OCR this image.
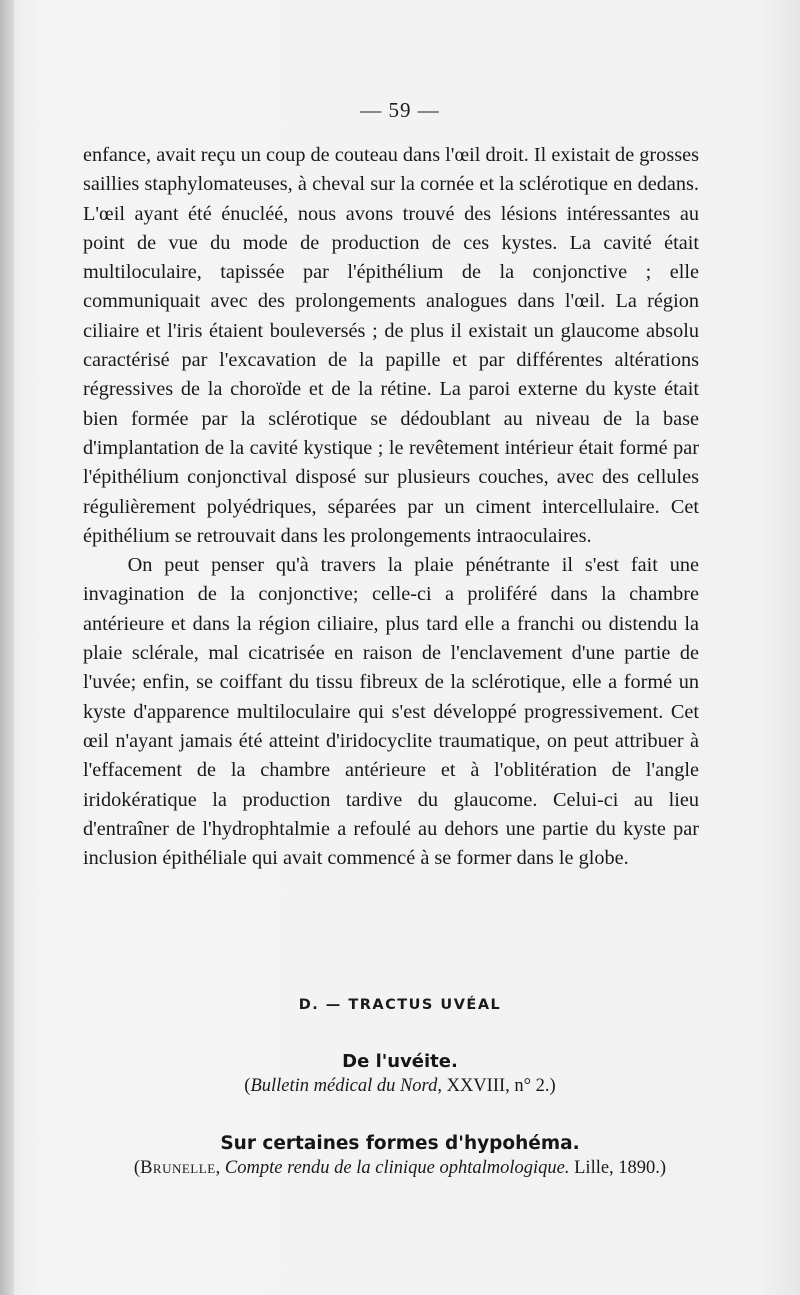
— 59 —

enfance, avait reçu un coup de couteau dans l'œil droit. Il existait de grosses saillies staphylomateuses, à cheval sur la cornée et la sclérotique en dedans. L'œil ayant été énucléé, nous avons trouvé des lésions intéressantes au point de vue du mode de production de ces kystes. La cavité était multiloculaire, tapissée par l'épithélium de la conjonctive ; elle communiquait avec des prolongements analogues dans l'œil. La région ciliaire et l'iris étaient bouleversés ; de plus il existait un glaucome absolu caractérisé par l'excavation de la papille et par différentes altérations régressives de la choroïde et de la rétine. La paroi externe du kyste était bien formée par la sclérotique se dédoublant au niveau de la base d'implantation de la cavité kystique ; le revêtement intérieur était formé par l'épithélium conjonctival disposé sur plusieurs couches, avec des cellules régulièrement polyédriques, séparées par un ciment intercellulaire. Cet épithélium se retrouvait dans les prolongements intraoculaires.

On peut penser qu'à travers la plaie pénétrante il s'est fait une invagination de la conjonctive; celle-ci a proliféré dans la chambre antérieure et dans la région ciliaire, plus tard elle a franchi ou distendu la plaie sclérale, mal cicatrisée en raison de l'enclavement d'une partie de l'uvée; enfin, se coiffant du tissu fibreux de la sclérotique, elle a formé un kyste d'apparence multiloculaire qui s'est développé progressivement. Cet œil n'ayant jamais été atteint d'iridocyclite traumatique, on peut attribuer à l'effacement de la chambre antérieure et à l'oblitération de l'angle iridokératique la production tardive du glaucome. Celui-ci au lieu d'entraîner de l'hydrophtalmie a refoulé au dehors une partie du kyste par inclusion épithéliale qui avait commencé à se former dans le globe.

D. — TRACTUS UVÉAL
De l'uvéite.
(Bulletin médical du Nord, XXVIII, n° 2.)
Sur certaines formes d'hypohéma.
(Brunelle, Compte rendu de la clinique ophtalmologique. Lille, 1890.)
